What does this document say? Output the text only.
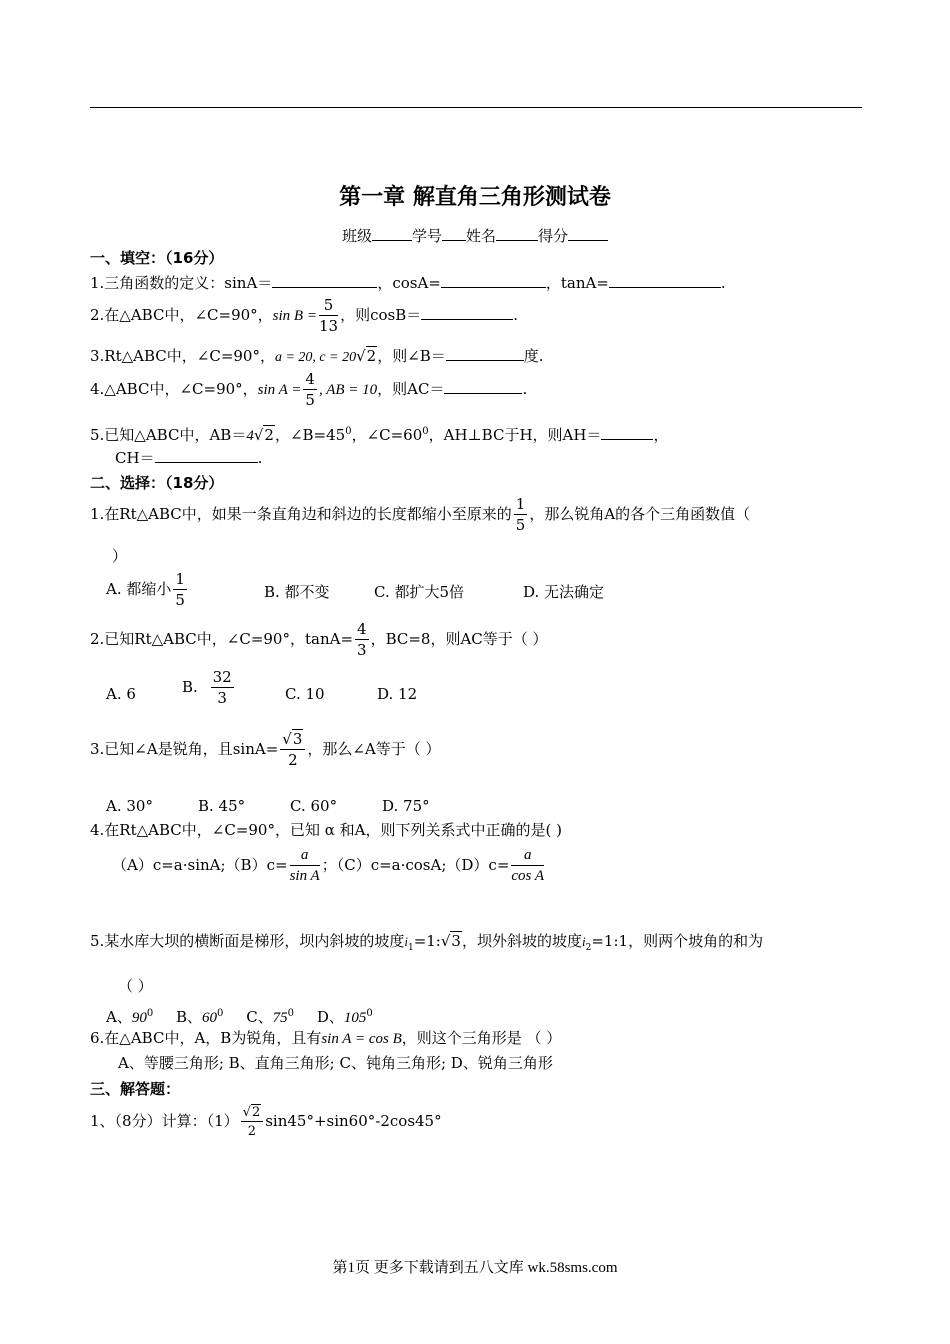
第一章 解直角三角形测试卷
班级	学号 姓名	得分
一、填空：（16分）
1.三角函数的定义：sinA＝	，cosA=	，tanA=	.
2.在△ABC中，∠C=90°，$\sin B = \frac{5}{13}$ ，则cosB＝	.
3.Rt△ABC中，∠C=90°，a = 20, c = 20√2，则∠B＝	度.
4.△ABC中，∠C=90°，$\sin A = \frac{4}{5}$ , AB = 10，则AC＝	.
5.已知△ABC中，AB＝4√2，$\angle B=45^0$，$\angle C=60^0$，AH⊥BC于H，则AH＝	，
CH＝	.
二、选择：（18分）
1.在Rt△ABC中，如果一条直角边和斜边的长度都缩小至原来的 $\frac{1}{5}$ ，那么锐角A的各个三角函数值（
）
A. 都缩小 $\frac{1}{5}$	B. 都不变	C. 都扩大5倍	D. 无法确定
2.已知Rt△ABC中，∠C=90°，$\tan A= \frac{4}{3}$ ，BC=8，则AC等于（ ）
A. 6	B. $\frac{32}{3}$	C. 10	D. 12
3.已知∠A是锐角，且$\sin A= \frac{√3}{2}$ ，那么∠A等于（ ）
A. 30°	B. 45°	C. 60°	D. 75°
4.在Rt△ABC中，∠C=90°，已知 α 和A，则下列关系式中正确的是( )
（A）c=a·sinA;（B）c= $\frac{a}{\text{sin A}}$ ；（C）c=a·cosA;（D）c= $\frac{a}{\text{cos A}}$
5.某水库大坝的横断面是梯形，坝内斜坡的坡度$i_1=1:√3$，坝外斜坡的坡度$i_2=1:1$，则两个坡角的和为
（ ）
A、$90^0$ B、$60^0$ C、$75^0$ D、$105^0$
6.在△ABC中，A，B为锐角，且有sin A = cos B，则这个三角形是 （ ）
A、等腰三角形; B、直角三角形; C、钝角三角形; D、锐角三角形
三、解答题：
1、（8分）计算：$(1) \frac{√2}{2} \sin 45^\circ+\sin 60^\circ-2\cos 45^\circ$
第1页 更多下载请到五八文库 wk.58sms.com
